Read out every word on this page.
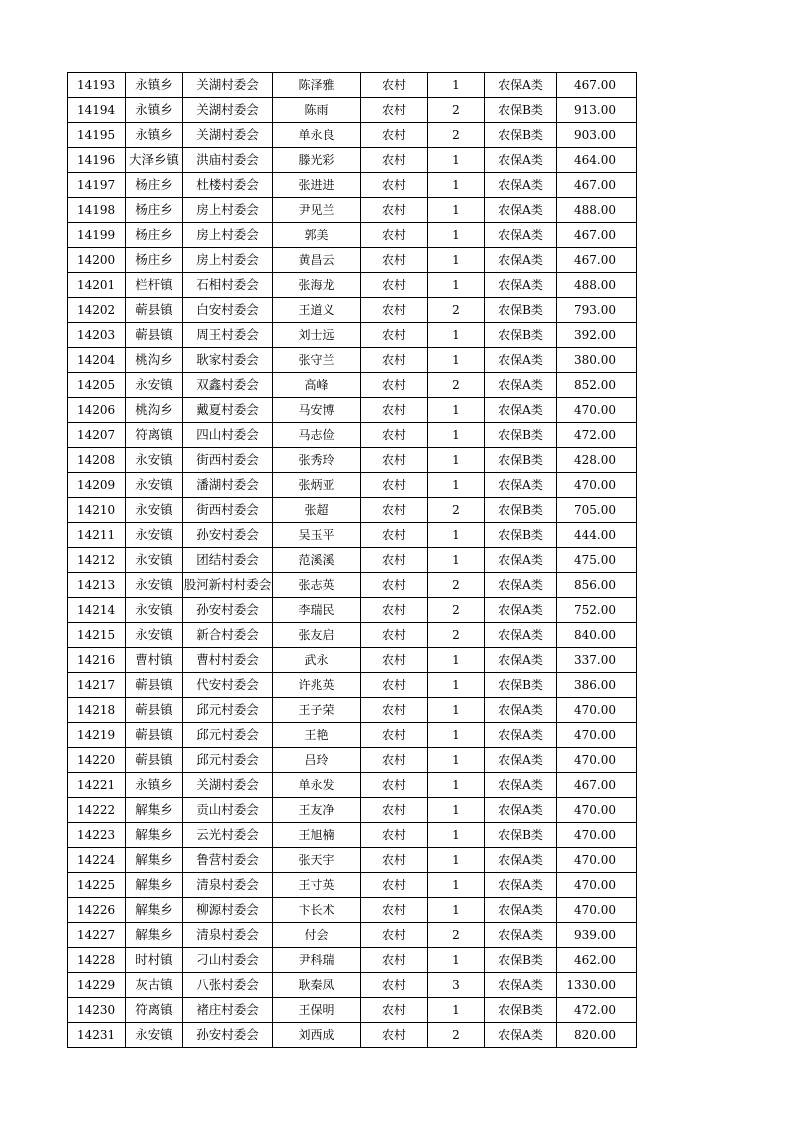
14193	永镇乡	关湖村委会	陈泽雅	农村	1	农保A类	467.00
14194	永镇乡	关湖村委会	陈雨	农村	2	农保B类	913.00
14195	永镇乡	关湖村委会	单永良	农村	2	农保B类	903.00
14196	大泽乡镇	洪庙村委会	滕光彩	农村	1	农保A类	464.00
14197	杨庄乡	杜楼村委会	张进进	农村	1	农保A类	467.00
14198	杨庄乡	房上村委会	尹见兰	农村	1	农保A类	488.00
14199	杨庄乡	房上村委会	郭美	农村	1	农保A类	467.00
14200	杨庄乡	房上村委会	黄昌云	农村	1	农保A类	467.00
14201	栏杆镇	石相村委会	张海龙	农村	1	农保A类	488.00
14202	蕲县镇	白安村委会	王道义	农村	2	农保B类	793.00
14203	蕲县镇	周王村委会	刘士远	农村	1	农保B类	392.00
14204	桃沟乡	耿家村委会	张守兰	农村	1	农保A类	380.00
14205	永安镇	双鑫村委会	高峰	农村	2	农保A类	852.00
14206	桃沟乡	戴夏村委会	马安博	农村	1	农保A类	470.00
14207	符离镇	四山村委会	马志俭	农村	1	农保B类	472.00
14208	永安镇	街西村委会	张秀玲	农村	1	农保B类	428.00
14209	永安镇	潘湖村委会	张炳亚	农村	1	农保A类	470.00
14210	永安镇	街西村委会	张超	农村	2	农保B类	705.00
14211	永安镇	孙安村委会	吴玉平	农村	1	农保B类	444.00
14212	永安镇	团结村委会	范溪溪	农村	1	农保A类	475.00
14213	永安镇	股河新村村委会	张志英	农村	2	农保A类	856.00
14214	永安镇	孙安村委会	李瑞民	农村	2	农保A类	752.00
14215	永安镇	新合村委会	张友启	农村	2	农保A类	840.00
14216	曹村镇	曹村村委会	武永	农村	1	农保A类	337.00
14217	蕲县镇	代安村委会	许兆英	农村	1	农保B类	386.00
14218	蕲县镇	邱元村委会	王子荣	农村	1	农保A类	470.00
14219	蕲县镇	邱元村委会	王艳	农村	1	农保A类	470.00
14220	蕲县镇	邱元村委会	吕玲	农村	1	农保A类	470.00
14221	永镇乡	关湖村委会	单永发	农村	1	农保A类	467.00
14222	解集乡	贡山村委会	王友净	农村	1	农保A类	470.00
14223	解集乡	云光村委会	王旭楠	农村	1	农保B类	470.00
14224	解集乡	鲁营村委会	张天宇	农村	1	农保A类	470.00
14225	解集乡	清泉村委会	王寸英	农村	1	农保A类	470.00
14226	解集乡	柳源村委会	卞长术	农村	1	农保A类	470.00
14227	解集乡	清泉村委会	付会	农村	2	农保A类	939.00
14228	时村镇	刁山村委会	尹科瑞	农村	1	农保B类	462.00
14229	灰古镇	八张村委会	耿秦凤	农村	3	农保A类	1330.00
14230	符离镇	褚庄村委会	王保明	农村	1	农保B类	472.00
14231	永安镇	孙安村委会	刘西成	农村	2	农保A类	820.00
